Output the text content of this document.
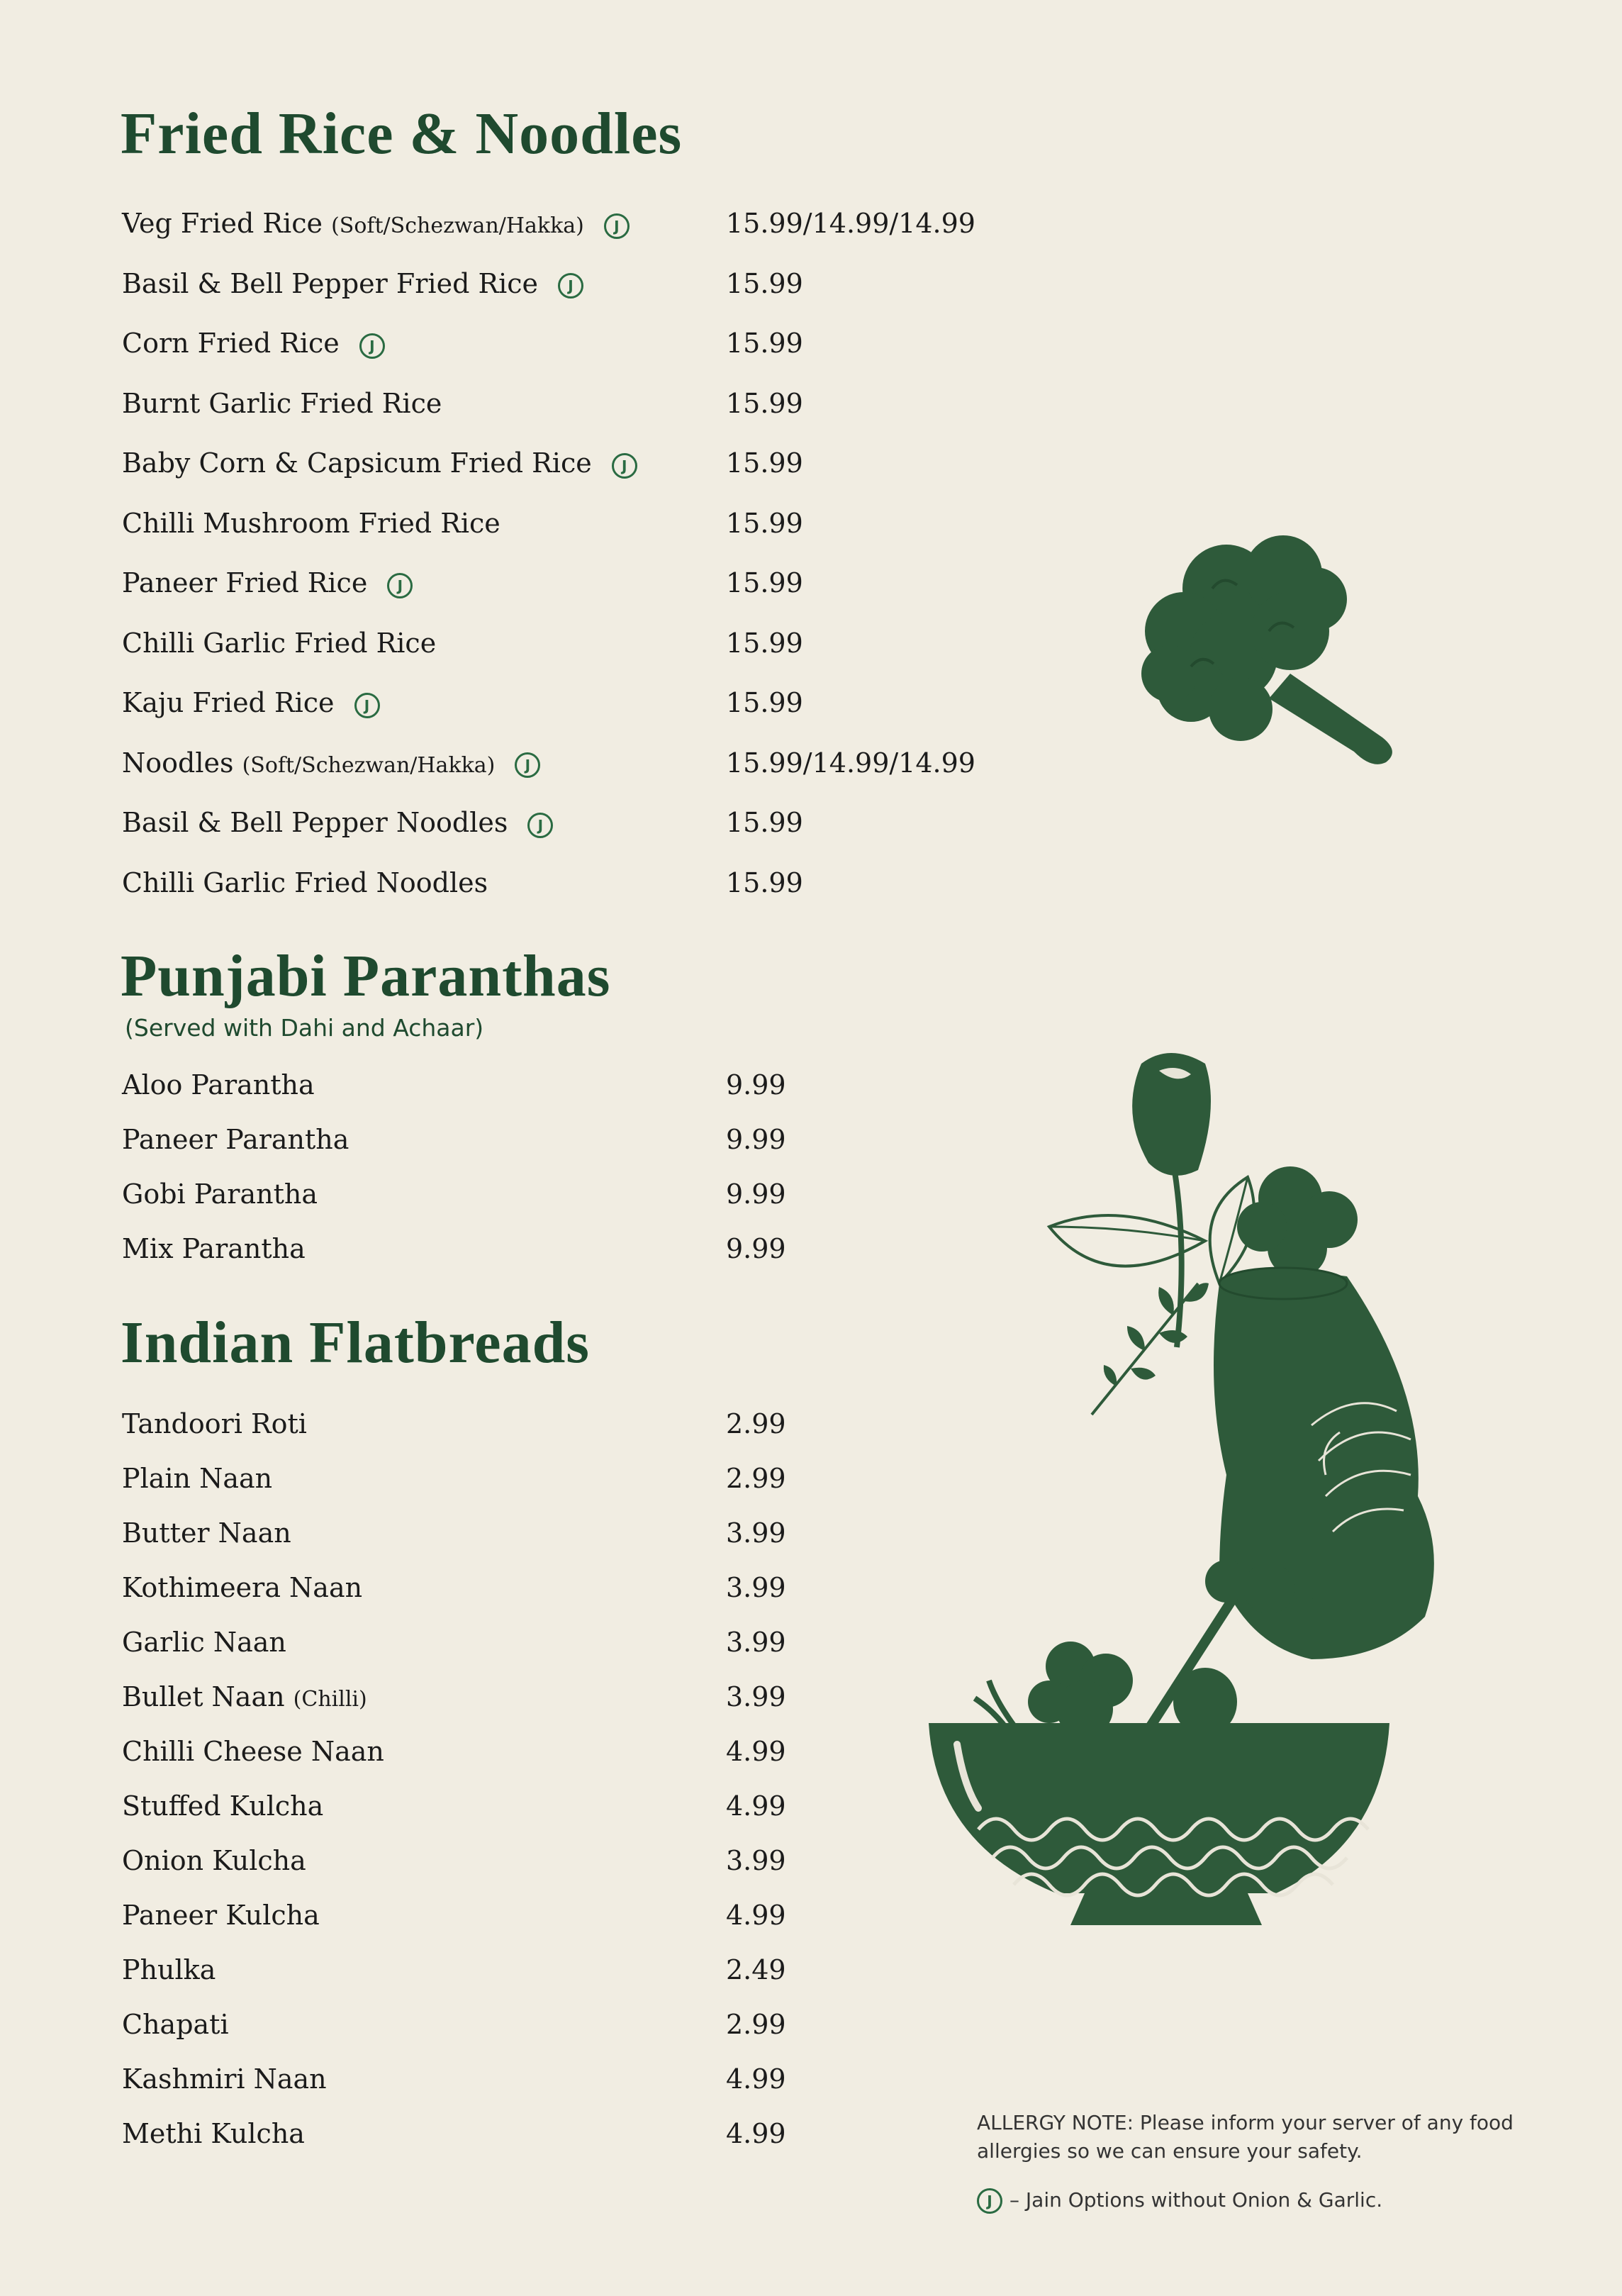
Fried Rice & Noodles
Veg Fried Rice (Soft/Schezwan/Hakka) J	15.99/14.99/14.99
Basil & Bell Pepper Fried Rice J	15.99
Corn Fried Rice J	15.99
Burnt Garlic Fried Rice	15.99
Baby Corn & Capsicum Fried Rice J	15.99
Chilli Mushroom Fried Rice	15.99
Paneer Fried Rice J	15.99
Chilli Garlic Fried Rice	15.99
Kaju Fried Rice J	15.99
Noodles (Soft/Schezwan/Hakka) J	15.99/14.99/14.99
Basil & Bell Pepper Noodles J	15.99
Chilli Garlic Fried Noodles	15.99
Punjabi Paranthas
(Served with Dahi and Achaar)
Aloo Parantha	9.99
Paneer Parantha	9.99
Gobi Parantha	9.99
Mix Parantha	9.99
Indian Flatbreads
Tandoori Roti	2.99
Plain Naan	2.99
Butter Naan	3.99
Kothimeera Naan	3.99
Garlic Naan	3.99
Bullet Naan (Chilli)	3.99
Chilli Cheese Naan	4.99
Stuffed Kulcha	4.99
Onion Kulcha	3.99
Paneer Kulcha	4.99
Phulka	2.49
Chapati	2.99
Kashmiri Naan	4.99
Methi Kulcha	4.99	ALLERGY NOTE: Please inform your server of any food allergies so we can ensure your safety.
J – Jain Options without Onion & Garlic.
